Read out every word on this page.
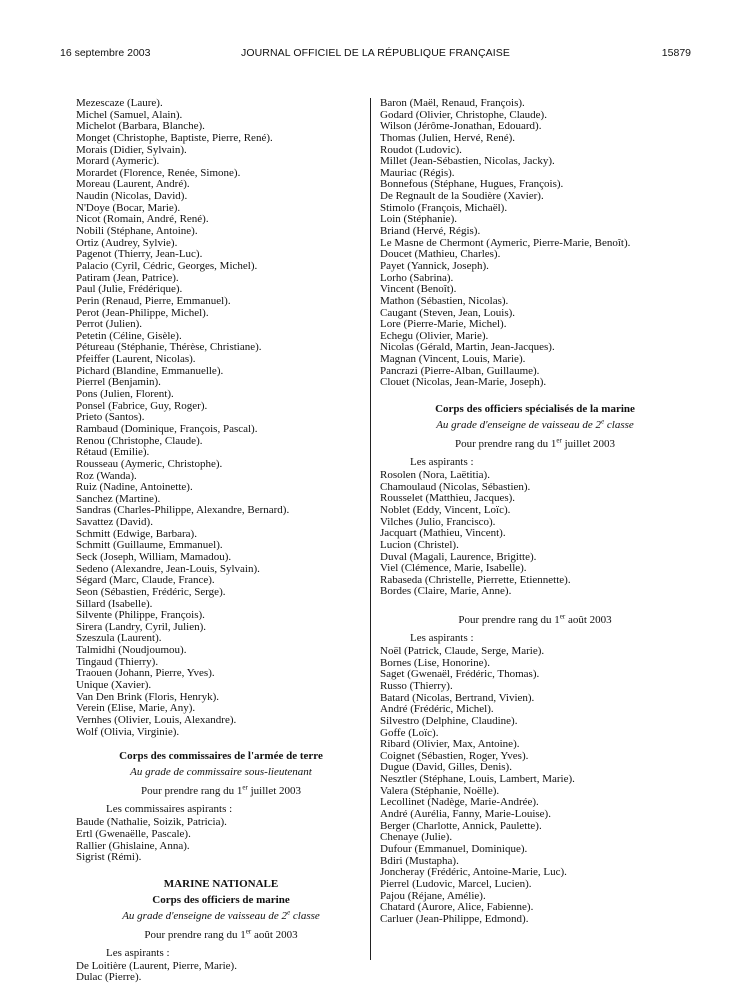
16 septembre 2003	JOURNAL OFFICIEL DE LA RÉPUBLIQUE FRANÇAISE	15879
Mezescaze (Laure).
Michel (Samuel, Alain).
Michelot (Barbara, Blanche).
Monget (Christophe, Baptiste, Pierre, René).
Morais (Didier, Sylvain).
Morard (Aymeric).
Morardet (Florence, Renée, Simone).
Moreau (Laurent, André).
Naudin (Nicolas, David).
N'Doye (Bocar, Marie).
Nicot (Romain, André, René).
Nobili (Stéphane, Antoine).
Ortiz (Audrey, Sylvie).
Pagenot (Thierry, Jean-Luc).
Palacio (Cyril, Cédric, Georges, Michel).
Patiram (Jean, Patrice).
Paul (Julie, Frédérique).
Perin (Renaud, Pierre, Emmanuel).
Perot (Jean-Philippe, Michel).
Perrot (Julien).
Petetin (Céline, Gisèle).
Pétureau (Stéphanie, Thérèse, Christiane).
Pfeiffer (Laurent, Nicolas).
Pichard (Blandine, Emmanuelle).
Pierrel (Benjamin).
Pons (Julien, Florent).
Ponsel (Fabrice, Guy, Roger).
Prieto (Santos).
Rambaud (Dominique, François, Pascal).
Renou (Christophe, Claude).
Rétaud (Emilie).
Rousseau (Aymeric, Christophe).
Roz (Wanda).
Ruiz (Nadine, Antoinette).
Sanchez (Martine).
Sandras (Charles-Philippe, Alexandre, Bernard).
Savattez (David).
Schmitt (Edwige, Barbara).
Schmitt (Guillaume, Emmanuel).
Seck (Joseph, William, Mamadou).
Sedeno (Alexandre, Jean-Louis, Sylvain).
Ségard (Marc, Claude, France).
Seon (Sébastien, Frédéric, Serge).
Sillard (Isabelle).
Silvente (Philippe, François).
Sirera (Landry, Cyril, Julien).
Szeszula (Laurent).
Talmidhi (Noudjoumou).
Tingaud (Thierry).
Traouen (Johann, Pierre, Yves).
Unique (Xavier).
Van Den Brink (Floris, Henryk).
Verein (Elise, Marie, Any).
Vernhes (Olivier, Louis, Alexandre).
Wolf (Olivia, Virginie).
Corps des commissaires de l'armée de terre
Au grade de commissaire sous-lieutenant
Pour prendre rang du 1er juillet 2003
Les commissaires aspirants :
Baude (Nathalie, Soizik, Patricia).
Ertl (Gwenaëlle, Pascale).
Rallier (Ghislaine, Anna).
Sigrist (Rémi).
MARINE NATIONALE
Corps des officiers de marine
Au grade d'enseigne de vaisseau de 2e classe
Pour prendre rang du 1er août 2003
Les aspirants :
De Loitière (Laurent, Pierre, Marie).
Dulac (Pierre).
Baron (Maël, Renaud, François).
Godard (Olivier, Christophe, Claude).
Wilson (Jérôme-Jonathan, Edouard).
Thomas (Julien, Hervé, René).
Roudot (Ludovic).
Millet (Jean-Sébastien, Nicolas, Jacky).
Mauriac (Régis).
Bonnefous (Stéphane, Hugues, François).
De Regnault de la Soudière (Xavier).
Stimolo (François, Michaël).
Loin (Stéphanie).
Briand (Hervé, Régis).
Le Masne de Chermont (Aymeric, Pierre-Marie, Benoît).
Doucet (Mathieu, Charles).
Payet (Yannick, Joseph).
Lorho (Sabrina).
Vincent (Benoît).
Mathon (Sébastien, Nicolas).
Caugant (Steven, Jean, Louis).
Lore (Pierre-Marie, Michel).
Echegu (Olivier, Marie).
Nicolas (Gérald, Martin, Jean-Jacques).
Magnan (Vincent, Louis, Marie).
Pancrazi (Pierre-Alban, Guillaume).
Clouet (Nicolas, Jean-Marie, Joseph).
Corps des officiers spécialisés de la marine
Au grade d'enseigne de vaisseau de 2e classe
Pour prendre rang du 1er juillet 2003
Les aspirants :
Rosolen (Nora, Laëtitia).
Chamoulaud (Nicolas, Sébastien).
Rousselet (Matthieu, Jacques).
Noblet (Eddy, Vincent, Loïc).
Vilches (Julio, Francisco).
Jacquart (Mathieu, Vincent).
Lucion (Christel).
Duval (Magali, Laurence, Brigitte).
Viel (Clémence, Marie, Isabelle).
Rabaseda (Christelle, Pierrette, Etiennette).
Bordes (Claire, Marie, Anne).
Pour prendre rang du 1er août 2003
Les aspirants :
Noël (Patrick, Claude, Serge, Marie).
Bornes (Lise, Honorine).
Saget (Gwenaël, Frédéric, Thomas).
Russo (Thierry).
Batard (Nicolas, Bertrand, Vivien).
André (Frédéric, Michel).
Silvestro (Delphine, Claudine).
Goffe (Loïc).
Ribard (Olivier, Max, Antoine).
Coignet (Sébastien, Roger, Yves).
Dugue (David, Gilles, Denis).
Nesztler (Stéphane, Louis, Lambert, Marie).
Valera (Stéphanie, Noëlle).
Lecollinet (Nadège, Marie-Andrée).
André (Aurélia, Fanny, Marie-Louise).
Berger (Charlotte, Annick, Paulette).
Chenaye (Julie).
Dufour (Emmanuel, Dominique).
Bdiri (Mustapha).
Joncheray (Frédéric, Antoine-Marie, Luc).
Pierrel (Ludovic, Marcel, Lucien).
Pajou (Réjane, Amélie).
Chatard (Aurore, Alice, Fabienne).
Carluer (Jean-Philippe, Edmond).
